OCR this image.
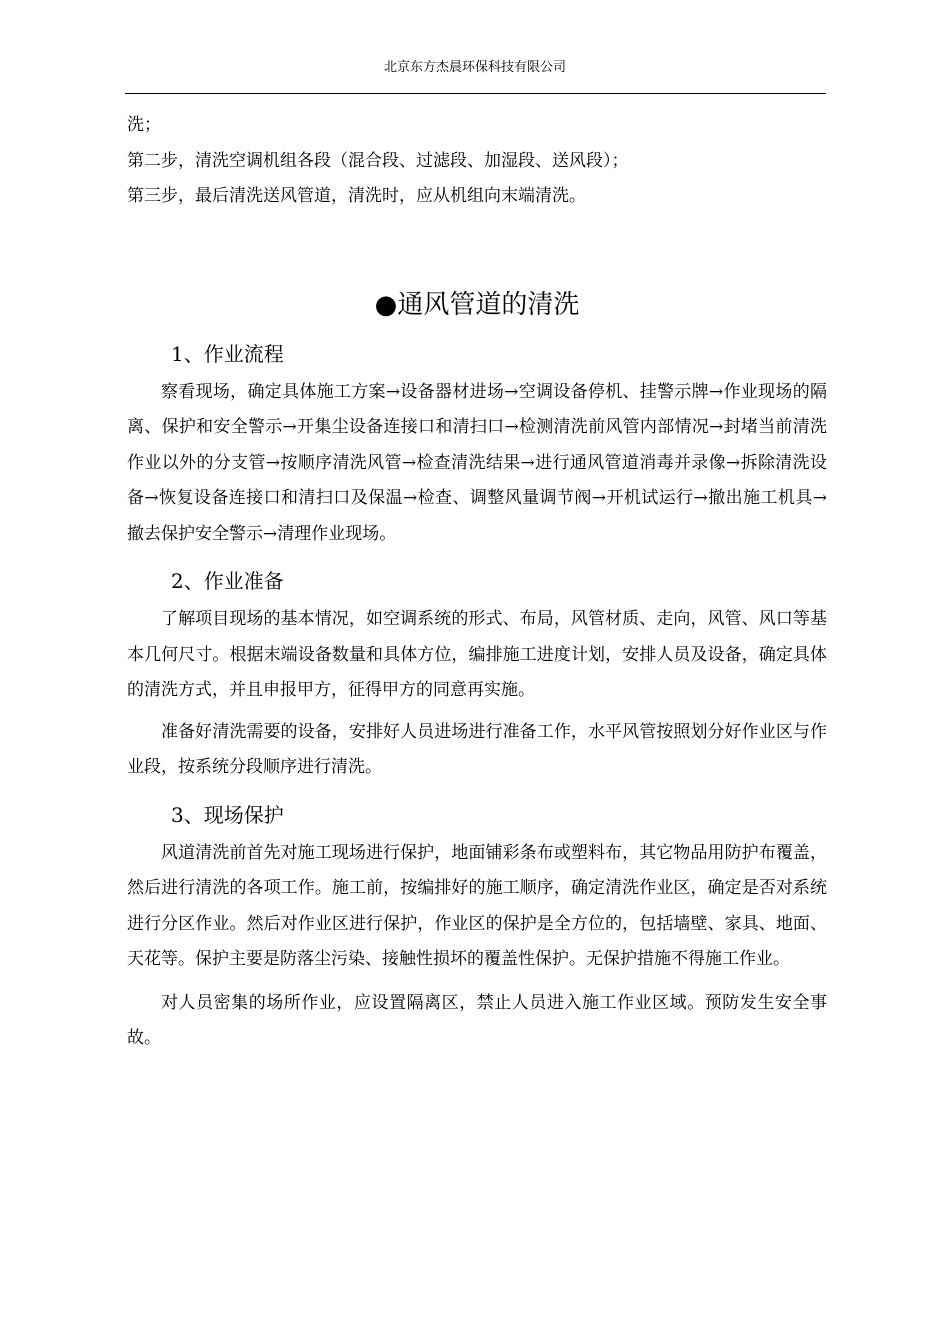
北京东方杰晨环保科技有限公司

洗；

第二步，清洗空调机组各段（混合段、过滤段、加湿段、送风段）；

第三步，最后清洗送风管道，清洗时，应从机组向末端清洗。

●通风管道的清洗
1、作业流程

察看现场，确定具体施工方案→设备器材进场→空调设备停机、挂警示牌→作业现场的隔离、保护和安全警示→开集尘设备连接口和清扫口→检测清洗前风管内部情况→封堵当前清洗作业以外的分支管→按顺序清洗风管→检查清洗结果→进行通风管道消毒并录像→拆除清洗设备→恢复设备连接口和清扫口及保温→检查、调整风量调节阀→开机试运行→撤出施工机具→撤去保护安全警示→清理作业现场。

2、作业准备

了解项目现场的基本情况，如空调系统的形式、布局，风管材质、走向，风管、风口等基本几何尺寸。根据末端设备数量和具体方位，编排施工进度计划，安排人员及设备，确定具体的清洗方式，并且申报甲方，征得甲方的同意再实施。

准备好清洗需要的设备，安排好人员进场进行准备工作，水平风管按照划分好作业区与作业段，按系统分段顺序进行清洗。

3、现场保护

风道清洗前首先对施工现场进行保护，地面铺彩条布或塑料布，其它物品用防护布覆盖，然后进行清洗的各项工作。施工前，按编排好的施工顺序，确定清洗作业区，确定是否对系统进行分区作业。然后对作业区进行保护，作业区的保护是全方位的，包括墙壁、家具、地面、天花等。保护主要是防落尘污染、接触性损坏的覆盖性保护。无保护措施不得施工作业。

对人员密集的场所作业，应设置隔离区，禁止人员进入施工作业区域。预防发生安全事故。
